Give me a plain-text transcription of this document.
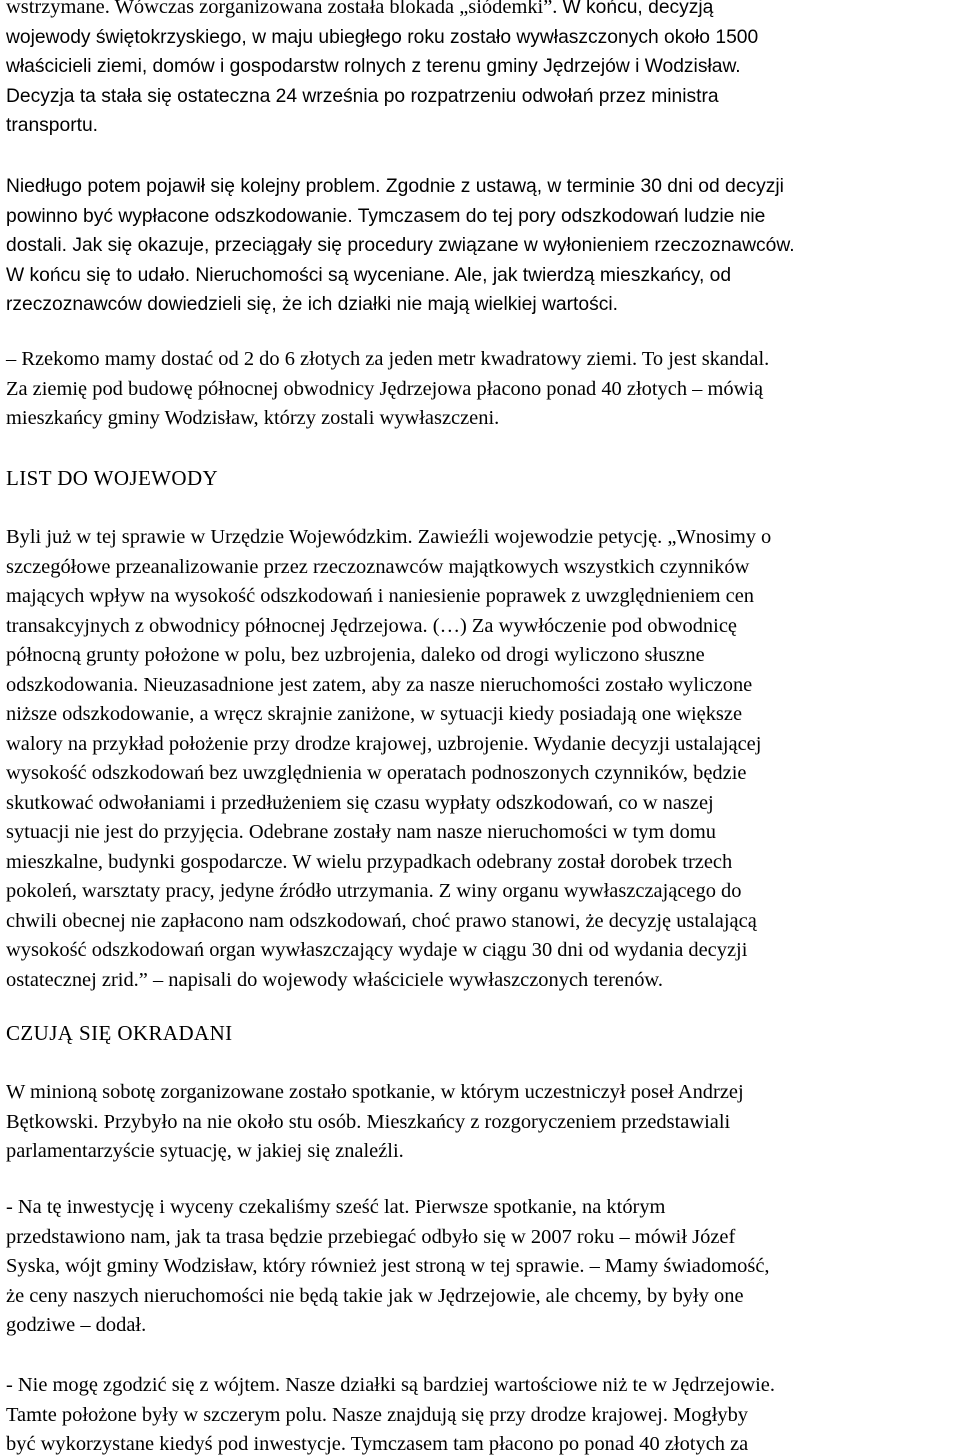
wstrzymane. Wówczas zorganizowana została blokada „siódemki”. W końcu, decyzją
wojewody świętokrzyskiego, w maju ubiegłego roku zostało wywłaszczonych około 1500
właścicieli ziemi, domów i gospodarstw rolnych z terenu gminy Jędrzejów i Wodzisław.
Decyzja ta stała się ostateczna 24 września po rozpatrzeniu odwołań przez ministra
transportu.
Niedługo potem pojawił się kolejny problem. Zgodnie z ustawą, w terminie 30 dni od decyzji
powinno być wypłacone odszkodowanie. Tymczasem do tej pory odszkodowań ludzie nie
dostali. Jak się okazuje, przeciągały się procedury związane w wyłonieniem rzeczoznawców.
W końcu się to udało. Nieruchomości są wyceniane. Ale, jak twierdzą mieszkańcy, od
rzeczoznawców dowiedzieli się, że ich działki nie mają wielkiej wartości.
– Rzekomo mamy dostać od 2 do 6 złotych za jeden metr kwadratowy ziemi. To jest skandal.
Za ziemię pod budowę północnej obwodnicy Jędrzejowa płacono ponad 40 złotych – mówią
mieszkańcy gminy Wodzisław, którzy zostali wywłaszczeni.
LIST DO WOJEWODY
Byli już w tej sprawie w Urzędzie Wojewódzkim. Zawieźli wojewodzie petycję. „Wnosimy o
szczegółowe przeanalizowanie przez rzeczoznawców majątkowych wszystkich czynników
mających wpływ na wysokość odszkodowań i naniesienie poprawek z uwzględnieniem cen
transakcyjnych z obwodnicy północnej Jędrzejowa. (…) Za wywłóczenie pod obwodnicę
północną grunty położone w polu, bez uzbrojenia, daleko od drogi wyliczono słuszne
odszkodowania. Nieuzasadnione jest zatem, aby za nasze nieruchomości zostało wyliczone
niższe odszkodowanie, a wręcz skrajnie zaniżone, w sytuacji kiedy posiadają one większe
walory na przykład położenie przy drodze krajowej, uzbrojenie. Wydanie decyzji ustalającej
wysokość odszkodowań bez uwzględnienia w operatach podnoszonych czynników, będzie
skutkować odwołaniami i przedłużeniem się czasu wypłaty odszkodowań, co w naszej
sytuacji nie jest do przyjęcia. Odebrane zostały nam nasze nieruchomości w tym domu
mieszkalne, budynki gospodarcze. W wielu przypadkach odebrany został dorobek trzech
pokoleń, warsztaty pracy, jedyne źródło utrzymania. Z winy organu wywłaszczającego do
chwili obecnej nie zapłacono nam odszkodowań, choć prawo stanowi, że decyzję ustalającą
wysokość odszkodowań organ wywłaszczający wydaje w ciągu 30 dni od wydania decyzji
ostatecznej zrid.” – napisali do wojewody właściciele wywłaszczonych terenów.
CZUJĄ SIĘ OKRADANI
W minioną sobotę zorganizowane zostało spotkanie, w którym uczestniczył poseł Andrzej
Bętkowski. Przybyło na nie około stu osób. Mieszkańcy z rozgoryczeniem przedstawiali
parlamentarzyście sytuację, w jakiej się znaleźli.
- Na tę inwestycję i wyceny czekaliśmy sześć lat. Pierwsze spotkanie, na którym
przedstawiono nam, jak ta trasa będzie przebiegać odbyło się w 2007 roku – mówił Józef
Syska, wójt gminy Wodzisław, który również jest stroną w tej sprawie. – Mamy świadomość,
że ceny naszych nieruchomości nie będą takie jak w Jędrzejowie, ale chcemy, by były one
godziwe – dodał.
- Nie mogę zgodzić się z wójtem. Nasze działki są bardziej wartościowe niż te w Jędrzejowie.
Tamte położone były w szczerym polu. Nasze znajdują się przy drodze krajowej. Mogłyby
być wykorzystane kiedyś pod inwestycje. Tymczasem tam płacono po ponad 40 złotych za
